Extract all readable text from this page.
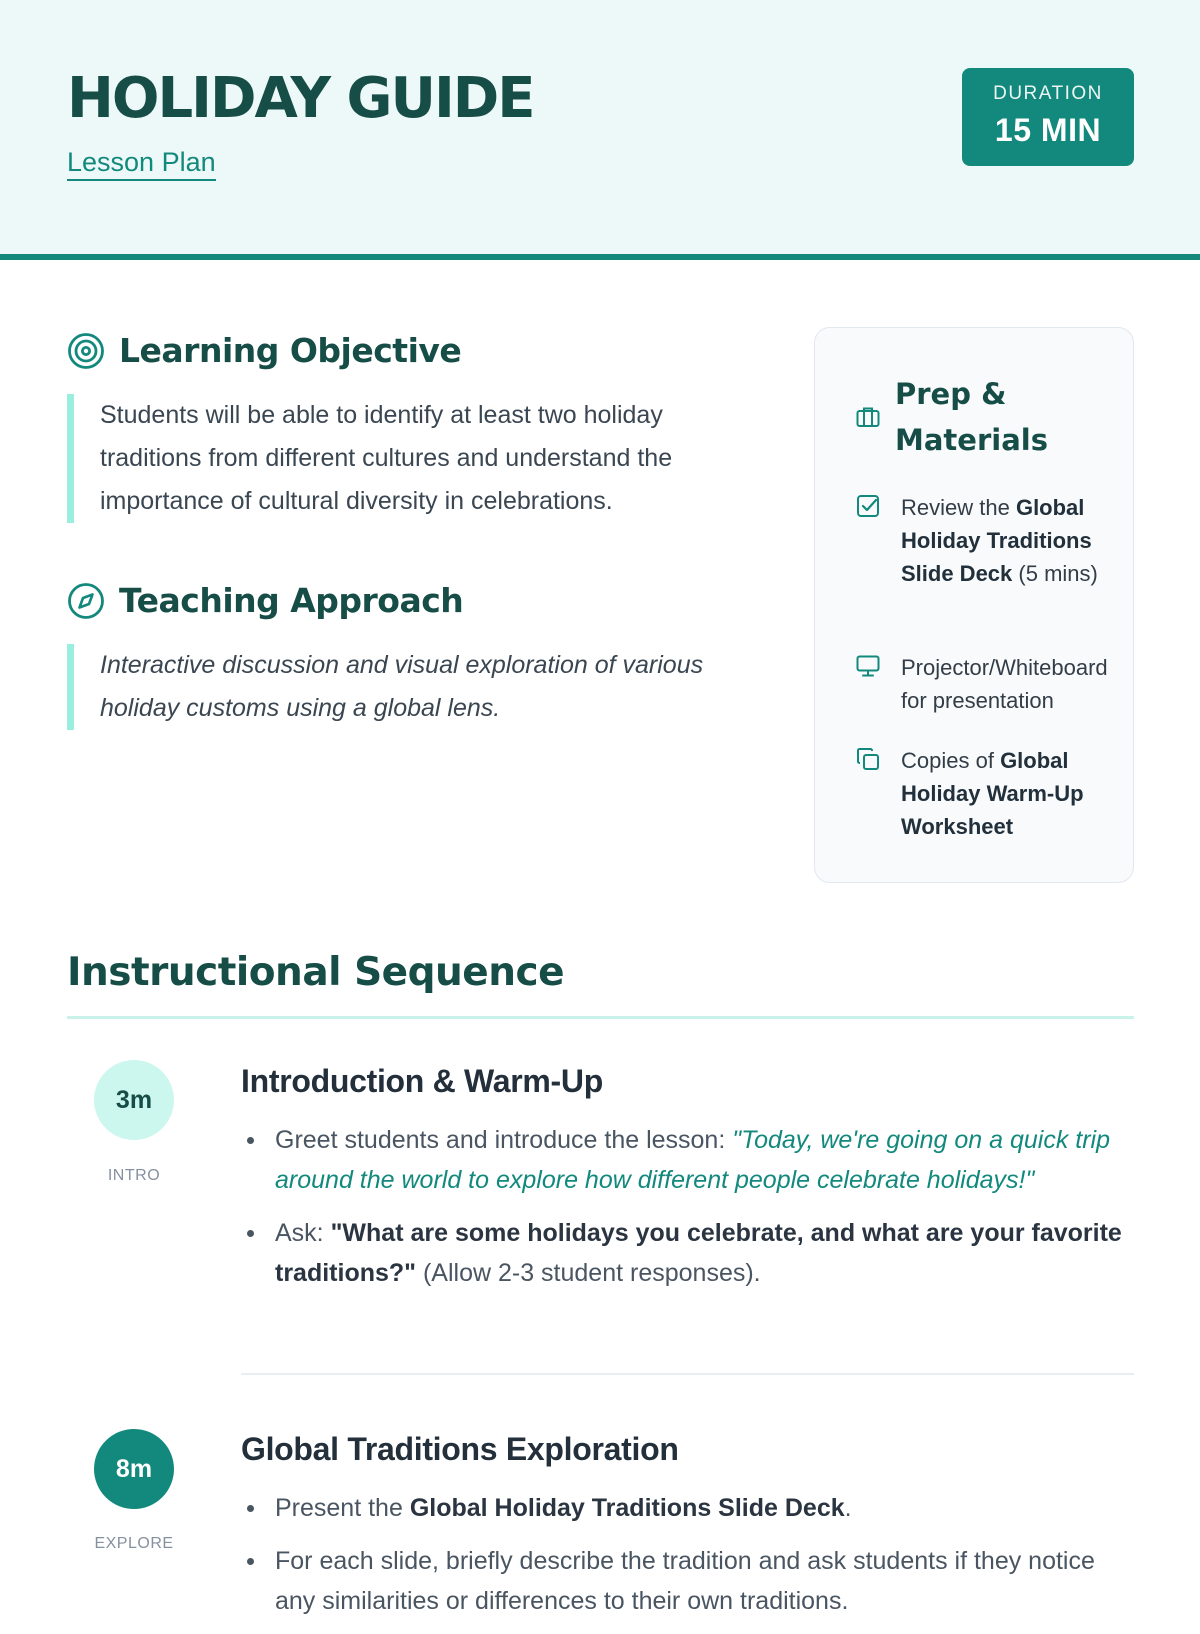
HOLIDAY GUIDE
Lesson Plan
DURATION
15 MIN
Learning Objective
Students will be able to identify at least two holiday traditions from different cultures and understand the importance of cultural diversity in celebrations.
Teaching Approach
Interactive discussion and visual exploration of various holiday customs using a global lens.
Prep & Materials
Review the Global Holiday Traditions Slide Deck (5 mins)
Projector/Whiteboard for presentation
Copies of Global Holiday Warm-Up Worksheet
Instructional Sequence
3m
INTRO
Introduction & Warm-Up
Greet students and introduce the lesson: "Today, we're going on a quick trip around the world to explore how different people celebrate holidays!"
Ask: "What are some holidays you celebrate, and what are your favorite traditions?" (Allow 2-3 student responses).
8m
EXPLORE
Global Traditions Exploration
Present the Global Holiday Traditions Slide Deck.
For each slide, briefly describe the tradition and ask students if they notice any similarities or differences to their own traditions.
